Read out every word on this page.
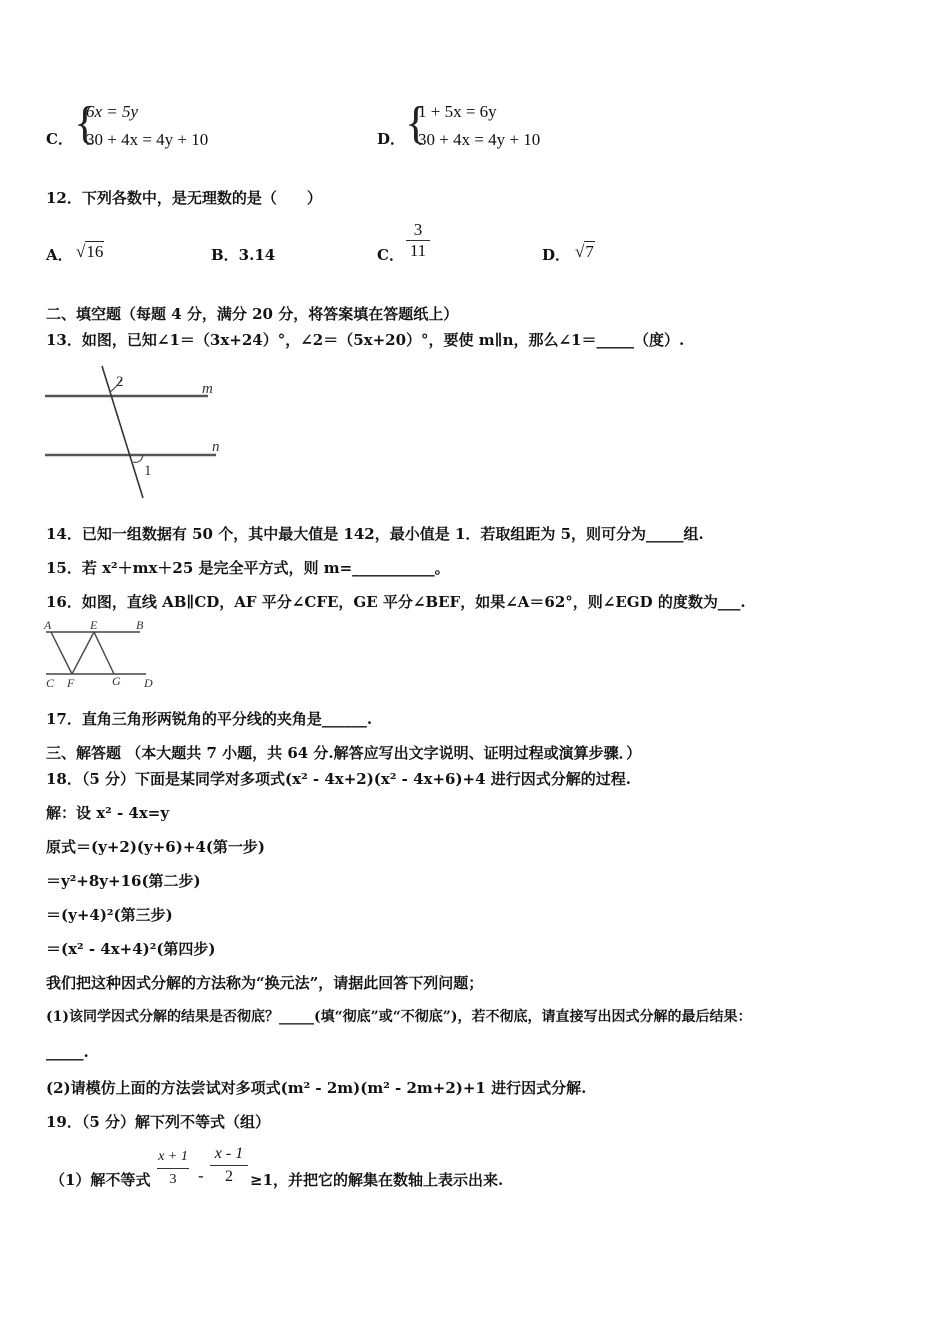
C． {
6x = 5y
30 + 4x = 4y + 10	D． {
1 + 5x = 6y
30 + 4x = 4y + 10
12．下列各数中，是无理数的是（　　）
A． √16	B．3.14	C．
3
11	D． √7
二、填空题（每题 4 分，满分 20 分，将答案填在答题纸上）
13．如图，已知∠1＝（3x+24）°，∠2＝（5x+20）°，要使 m∥n，那么∠1＝_____（度）.
2
1
m
n
14．已知一组数据有 50 个，其中最大值是 142，最小值是 1．若取组距为 5，则可分为_____组.
15．若 x²＋mx＋25 是完全平方式，则 m=___________。
16．如图，直线 AB∥CD，AF 平分∠CFE，GE 平分∠BEF，如果∠A＝62°，则∠EGD 的度数为___.
A	E	B
C F	G D
17．直角三角形两锐角的平分线的夹角是______.
三、解答题 （本大题共 7 小题，共 64 分.解答应写出文字说明、证明过程或演算步骤．）
18．（5 分）下面是某同学对多项式(x² - 4x+2)(x² - 4x+6)+4 进行因式分解的过程.
解：设 x² - 4x=y
原式＝(y+2)(y+6)+4(第一步)
＝y²+8y+16(第二步)
＝(y+4)²(第三步)
＝(x² - 4x+4)²(第四步)
我们把这种因式分解的方法称为“换元法”，请据此回答下列问题；
(1)该同学因式分解的结果是否彻底？_____(填“彻底”或“不彻底”)，若不彻底，请直接写出因式分解的最后结果：
_____.
(2)请模仿上面的方法尝试对多项式(m² - 2m)(m² - 2m+2)+1 进行因式分解.
19．（5 分）解下列不等式（组）
（1）解不等式
x + 1
3	-
x - 1
2	≥1，并把它的解集在数轴上表示出来.
